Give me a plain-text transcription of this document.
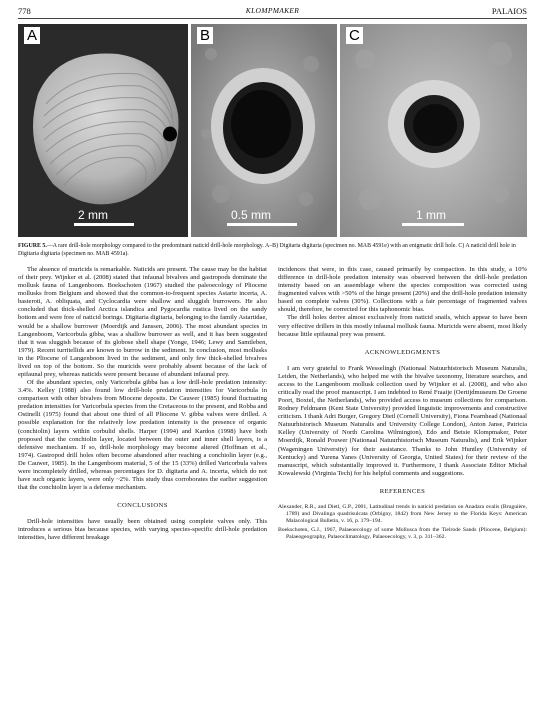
778	KLOMPMAKER	PALAIOS
A
2 mm
B
0.5 mm
C
1 mm
FIGURE 5.—A rare drill-hole morphology compared to the predominant naticid drill-hole morphology. A–B) Digitaria digitaria (specimen no. MAB 4591e) with an enigmatic drill hole. C) A naticid drill hole in Digitaria digitaria (specimen no. MAB 4591a).

The absence of muricids is remarkable. Naticids are present. The cause may be the habitat of their prey. Wijnker et al. (2008) stated that infaunal bivalves and gastropods dominate the mollusk fauna of Langenboom. Boekschoten (1967) studied the paleoecology of Pliocene mollusks from Belgium and showed that the common-to-frequent species Astarte incerta, A. basteroti, A. obliquata, and Cyclocardia were shallow and sluggish burrowers. He also concluded that thick-shelled Arctica islandica and Pygocardia rustica lived on the sandy bottom and were free of naticid borings. Digitaria digitaria, belonging to the family Astartidae, would be a shallow burrower (Moerdijk and Janssen, 2006). The most abundant species in Langenboom, Varicorbula gibba, was a shallow burrower as well, and it has been suggested that it was sluggish because of its globose shell shape (Yonge, 1946; Lewy and Samtleben, 1979). Recent turritellids are known to burrow in the sediment. In conclusion, most mollusks in the Pliocene of Langenboom lived in the sediment, and only few thick-shelled bivalves lived on top of the bottom. So the muricids were probably absent because of the lack of epifaunal prey, whereas naticids were present because of abundant infaunal prey.

Of the abundant species, only Varicorbula gibba has a low drill-hole predation intensity: 3.4%. Kelley (1988) also found low drill-hole predation intensities for Varicorbula in comparison with other bivalves from Miocene deposits. De Cauwer (1985) found fluctuating predation intensities for Varicorbula species from the Cretaceous to the present, and Robba and Ostinelli (1975) found that about one third of all Pliocene V. gibba valves were drilled. A possible explanation for the relatively low predation intensity is the presence of organic (conchiolin) layers within corbulid shells. Harper (1994) and Kardon (1998) have both proposed that the conchiolin layer, located between the outer and inner shell layers, is a defensive mechanism. If so, drill-hole morphology may become altered (Hoffman et al., 1974). Gastropod drill holes often become abandoned after reaching a conchiolin layer (e.g., De Cauwer, 1985). In the Langenboom material, 5 of the 15 (33%) drilled Varicorbula valves were incompletely drilled, whereas percentages for D. digitaria and A. incerta, which do not have such organic layers, were only ~2%. This study thus corroborates the earlier suggestion that the conchiolin layer is a defense mechanism.

CONCLUSIONS

Drill-hole intensities have usually been obtained using complete valves only. This introduces a serious bias because species, with varying species-specific drill-hole predation intensities, have different breakage

incidences that were, in this case, caused primarily by compaction. In this study, a 10% difference in drill-hole predation intensity was observed between the drill-hole predation intensity based on an assemblage where the species composition was corrected using fragmented valves with >50% of the hinge present (20%) and the drill-hole predation intensity based on complete valves (30%). Collections with a fair percentage of fragmented valves should, therefore, be corrected for this taphonomic bias.

The drill holes derive almost exclusively from naticid snails, which appear to have been very effective drillers in this mostly infaunal mollusk fauna. Muricids were absent, most likely because little epifaunal prey was present.

ACKNOWLEDGMENTS

I am very grateful to Frank Wesselingh (Nationaal Natuurhistorisch Museum Naturalis, Leiden, the Netherlands), who helped me with the bivalve taxonomy, literature searches, and access to the Langenboom mollusk collection used by Wijnker et al. (2008), and who also critically read the proof manuscript. I am indebted to René Fraaije (Oertijdmuseum De Groene Poort, Boxtel, the Netherlands), who provided access to museum collections for comparison. Rodney Feldmann (Kent State University) provided linguistic improvements and constructive criticism. I thank Adri Burger, Gregory Dietl (Cornell University), Fiona Fearnhead (Nationaal Natuurhistorisch Museum Naturalis and University College London), Anton Janse, Patricia Kelley (University of North Carolina Wilmington), Edo and Betsie Klompmaker, Peter Moerdijk, Ronald Pouwer (Nationaal Natuurhistorisch Museum Naturalis), and Erik Wijnker (Wageningen University) for their assistance. Thanks to John Huntley (University of Kentucky) and Yurena Yanes (University of Georgia, United States) for their review of the manuscript, which substantially improved it. Furthermore, I thank Associate Editor Michał Kowalewski (Virginia Tech) for his helpful comments and suggestions.

REFERENCES
Alexander, R.R., and Dietl, G.P., 2001, Latitudinal trends in naticid predation on Anadara ovalis (Bruguière, 1789) and Divalinga quadrisulcata (Orbigny, 1842) from New Jersey to the Florida Keys: American Malacological Bulletin, v. 16, p. 179–194.
Boekschoten, G.J., 1967, Palaeoecology of some Mollusca from the Tielrode Sands (Pliocene, Belgium): Palaeogeography, Palaeoclimatology, Palaeoecology, v. 3, p. 311–362.
